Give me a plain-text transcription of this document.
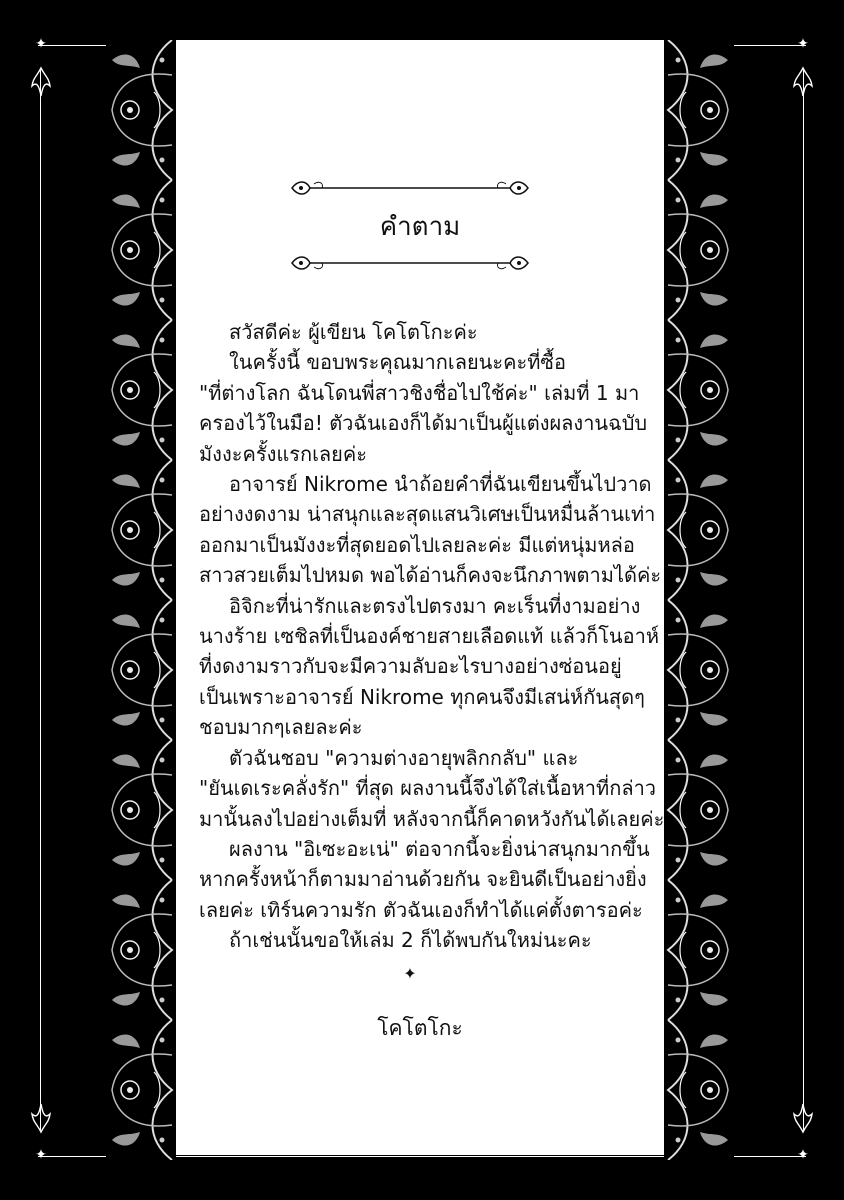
✦	✦
✦	✦
คำตาม

สวัสดีค่ะ ผู้เขียน โคโตโกะค่ะ

ในครั้งนี้ ขอบพระคุณมากเลยนะคะที่ซื้อ

"ที่ต่างโลก ฉันโดนพี่สาวชิงชื่อไปใช้ค่ะ" เล่มที่ 1 มา

ครองไว้ในมือ! ตัวฉันเองก็ได้มาเป็นผู้แต่งผลงานฉบับ

มังงะครั้งแรกเลยค่ะ

อาจารย์ Nikrome นำถ้อยคำที่ฉันเขียนขึ้นไปวาด

อย่างงดงาม น่าสนุกและสุดแสนวิเศษเป็นหมื่นล้านเท่า

ออกมาเป็นมังงะที่สุดยอดไปเลยละค่ะ มีแต่หนุ่มหล่อ

สาวสวยเต็มไปหมด พอได้อ่านก็คงจะนึกภาพตามได้ค่ะ

อิจิกะที่น่ารักและตรงไปตรงมา คะเร็นที่งามอย่าง

นางร้าย เซชิลที่เป็นองค์ชายสายเลือดแท้ แล้วก็โนอาห์

ที่งดงามราวกับจะมีความลับอะไรบางอย่างซ่อนอยู่

เป็นเพราะอาจารย์ Nikrome ทุกคนจึงมีเสน่ห์กันสุดๆ

ชอบมากๆเลยละค่ะ

ตัวฉันชอบ "ความต่างอายุพลิกกลับ" และ

"ยันเดเระคลั่งรัก" ที่สุด ผลงานนี้จึงได้ใส่เนื้อหาที่กล่าว

มานั้นลงไปอย่างเต็มที่ หลังจากนี้ก็คาดหวังกันได้เลยค่ะ

ผลงาน "อิเซะอะเน่" ต่อจากนี้จะยิ่งน่าสนุกมากขึ้น

หากครั้งหน้าก็ตามมาอ่านด้วยกัน จะยินดีเป็นอย่างยิ่ง

เลยค่ะ เทิร์นความรัก ตัวฉันเองก็ทำได้แค่ตั้งตารอค่ะ

ถ้าเช่นนั้นขอให้เล่ม 2 ก็ได้พบกันใหม่นะคะ

✦
โคโตโกะ
